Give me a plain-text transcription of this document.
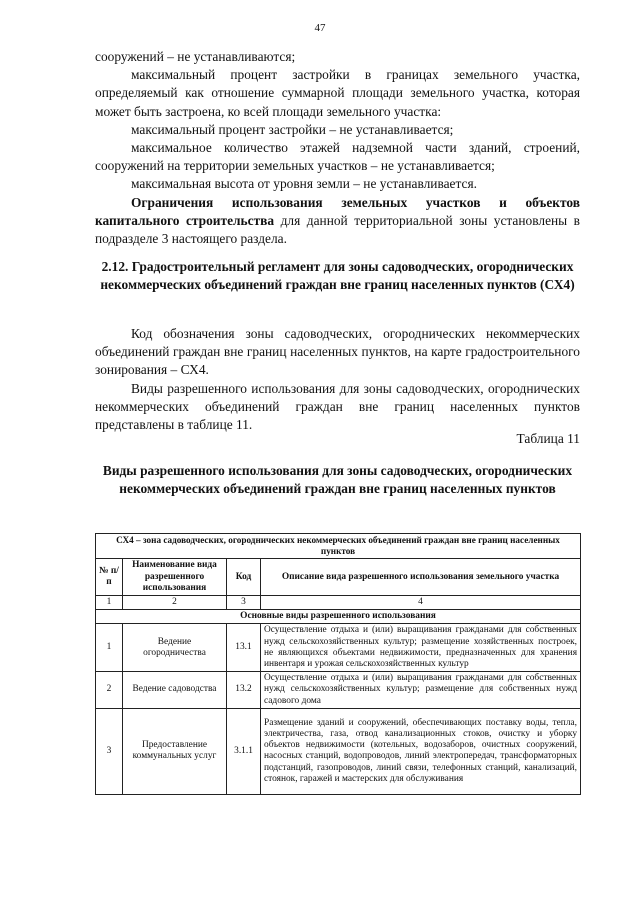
47

сооружений – не устанавливаются;

максимальный процент застройки в границах земельного участка, определяемый как отношение суммарной площади земельного участка, которая может быть застроена, ко всей площади земельного участка:

максимальный процент застройки – не устанавливается;

максимальное количество этажей надземной части зданий, строений, сооружений на территории земельных участков – не устанавливается;

максимальная высота от уровня земли – не устанавливается.

Ограничения использования земельных участков и объектов капитального строительства для данной территориальной зоны установлены в подразделе 3 настоящего раздела.

2.12. Градостроительный регламент для зоны садоводческих, огороднических некоммерческих объединений граждан вне границ населенных пунктов (СХ4)

Код обозначения зоны садоводческих, огороднических некоммерческих объединений граждан вне границ населенных пунктов, на карте градостроительного зонирования – СХ4.

Виды разрешенного использования для зоны садоводческих, огороднических некоммерческих объединений граждан вне границ населенных пунктов представлены в таблице 11.

Таблица 11
Виды разрешенного использования для зоны садоводческих, огороднических некоммерческих объединений граждан вне границ населенных пунктов
СХ4 – зона садоводческих, огороднических некоммерческих объединений граждан вне границ населенных пунктов			
№ п/п	Наименование вида разрешенного использования	Код	Описание вида разрешенного использования земельного участка
1	2	3	4
Основные виды разрешенного использования			
1	Ведение огородничества	13.1	Осуществление отдыха и (или) выращивания гражданами для собственных нужд сельскохозяйственных культур; размещение хозяйственных построек, не являющихся объектами недвижимости, предназначенных для хранения инвентаря и урожая сельскохозяйственных культур
2	Ведение садоводства	13.2	Осуществление отдыха и (или) выращивания гражданами для собственных нужд сельскохозяйственных культур; размещение для собственных нужд садового дома
3	Предоставление коммунальных услуг	3.1.1	Размещение зданий и сооружений, обеспечивающих поставку воды, тепла, электричества, газа, отвод канализационных стоков, очистку и уборку объектов недвижимости (котельных, водозаборов, очистных сооружений, насосных станций, водопроводов, линий электропередач, трансформаторных подстанций, газопроводов, линий связи, телефонных станций, канализаций, стоянок, гаражей и мастерских для обслуживания
